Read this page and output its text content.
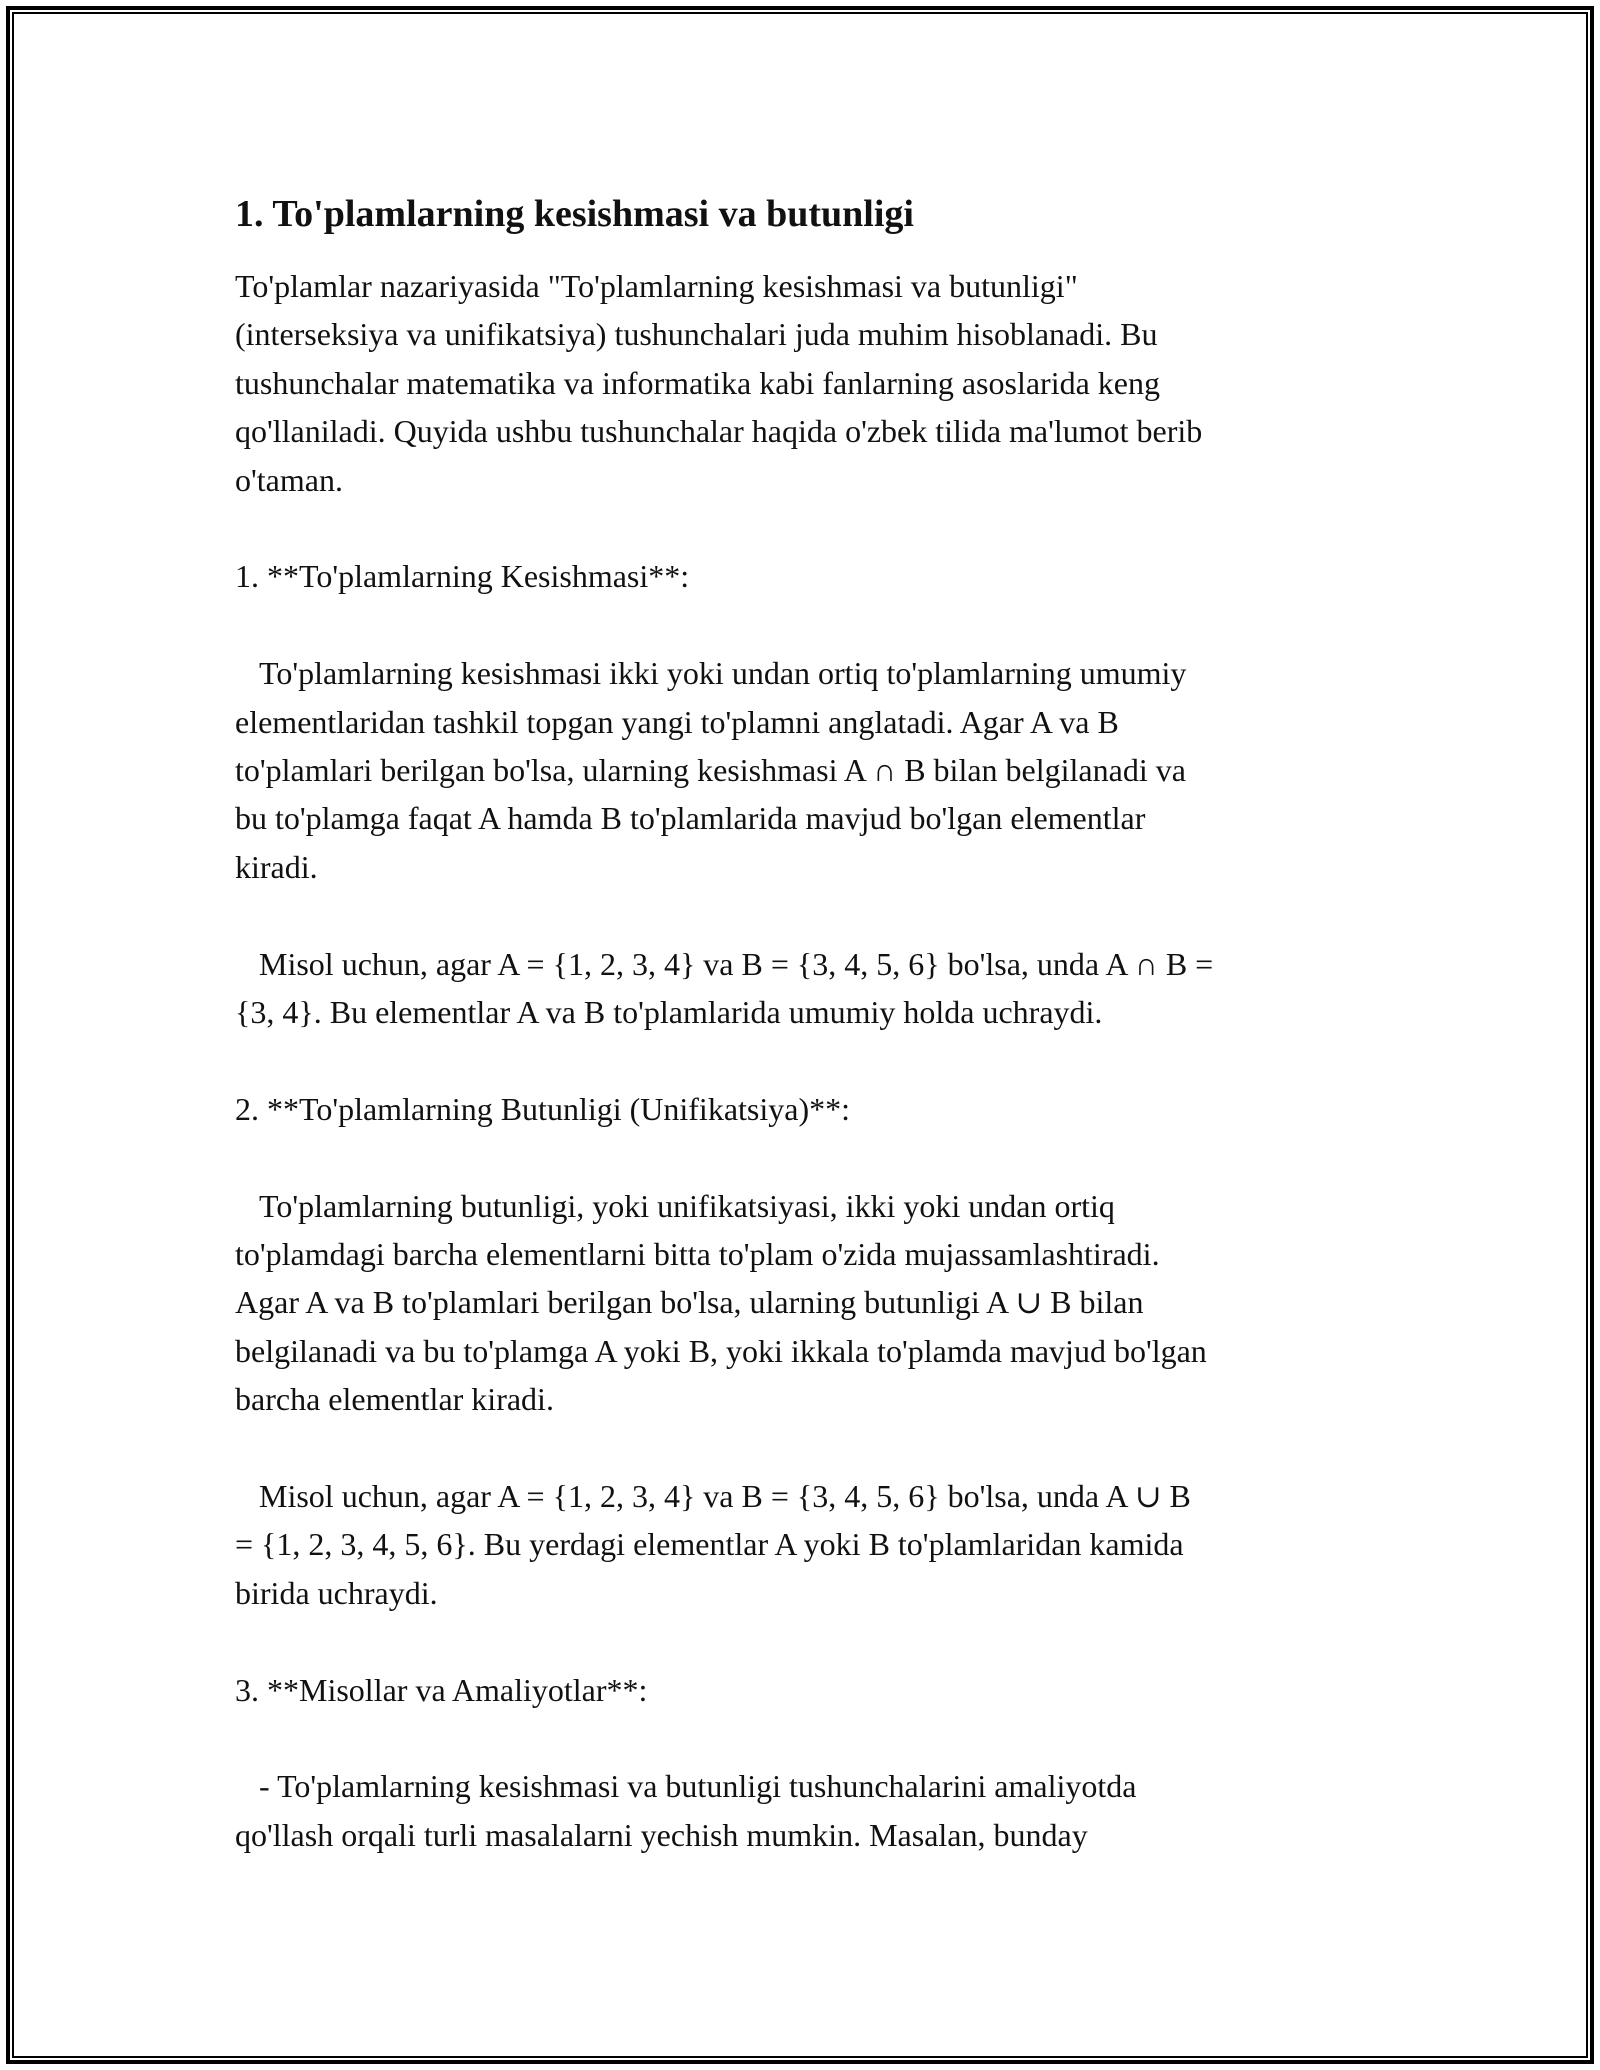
1. To'plamlarning kesishmasi va butunligi

To'plamlar nazariyasida "To'plamlarning kesishmasi va butunligi"
(interseksiya va unifikatsiya) tushunchalari juda muhim hisoblanadi. Bu
tushunchalar matematika va informatika kabi fanlarning asoslarida keng
qo'llaniladi. Quyida ushbu tushunchalar haqida o'zbek tilida ma'lumot berib
o'taman.

1. **To'plamlarning Kesishmasi**:

To'plamlarning kesishmasi ikki yoki undan ortiq to'plamlarning umumiy
elementlaridan tashkil topgan yangi to'plamni anglatadi. Agar A va B
to'plamlari berilgan bo'lsa, ularning kesishmasi A ∩ B bilan belgilanadi va
bu to'plamga faqat A hamda B to'plamlarida mavjud bo'lgan elementlar
kiradi.

Misol uchun, agar A = {1, 2, 3, 4} va B = {3, 4, 5, 6} bo'lsa, unda A ∩ B =
{3, 4}. Bu elementlar A va B to'plamlarida umumiy holda uchraydi.

2. **To'plamlarning Butunligi (Unifikatsiya)**:

To'plamlarning butunligi, yoki unifikatsiyasi, ikki yoki undan ortiq
to'plamdagi barcha elementlarni bitta to'plam o'zida mujassamlashtiradi.
Agar A va B to'plamlari berilgan bo'lsa, ularning butunligi A ∪ B bilan
belgilanadi va bu to'plamga A yoki B, yoki ikkala to'plamda mavjud bo'lgan
barcha elementlar kiradi.

Misol uchun, agar A = {1, 2, 3, 4} va B = {3, 4, 5, 6} bo'lsa, unda A ∪ B
= {1, 2, 3, 4, 5, 6}. Bu yerdagi elementlar A yoki B to'plamlaridan kamida
birida uchraydi.

3. **Misollar va Amaliyotlar**:

- To'plamlarning kesishmasi va butunligi tushunchalarini amaliyotda
qo'llash orqali turli masalalarni yechish mumkin. Masalan, bunday
